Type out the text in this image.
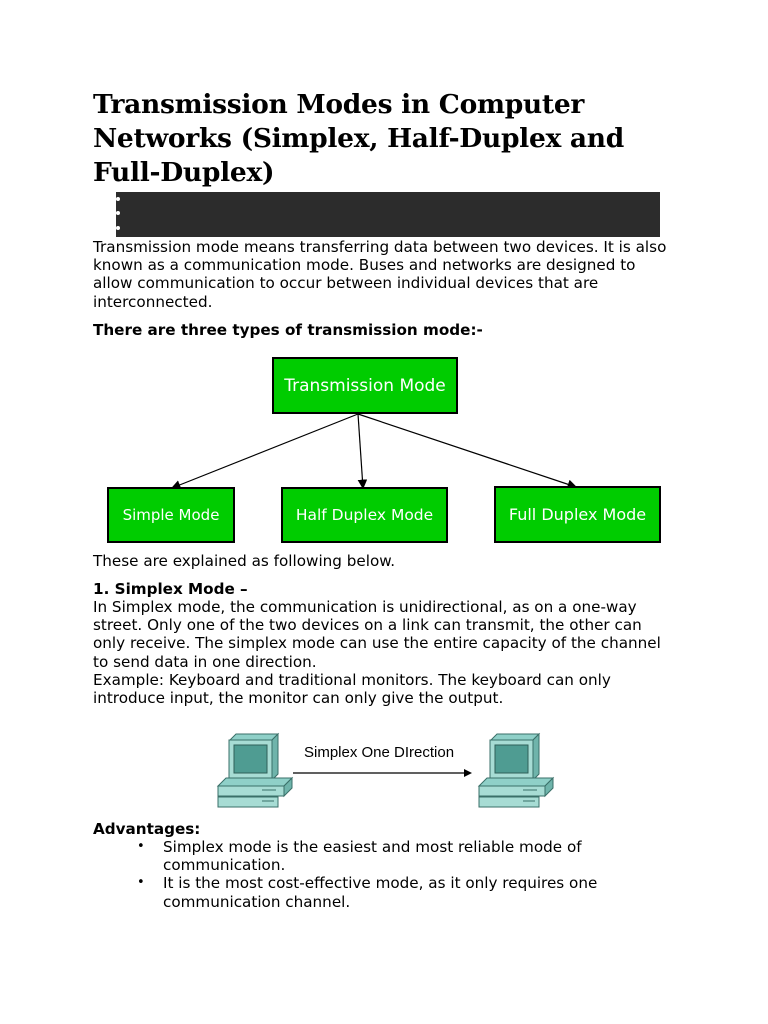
Transmission Modes in Computer Networks (Simplex, Half-Duplex and Full-Duplex)

Transmission mode means transferring data between two devices. It is also known as a communication mode. Buses and networks are designed to allow communication to occur between individual devices that are interconnected.

There are three types of transmission mode:-

Transmission Mode
Simple Mode	Half Duplex Mode	Full Duplex Mode

These are explained as following below.

1. Simplex Mode –

In Simplex mode, the communication is unidirectional, as on a one-way street. Only one of the two devices on a link can transmit, the other can only receive. The simplex mode can use the entire capacity of the channel to send data in one direction.

Example: Keyboard and traditional monitors. The keyboard can only introduce input, the monitor can only give the output.

Simplex One DIrection

Advantages:

• Simplex mode is the easiest and most reliable mode of communication.
• It is the most cost-effective mode, as it only requires one communication channel.
